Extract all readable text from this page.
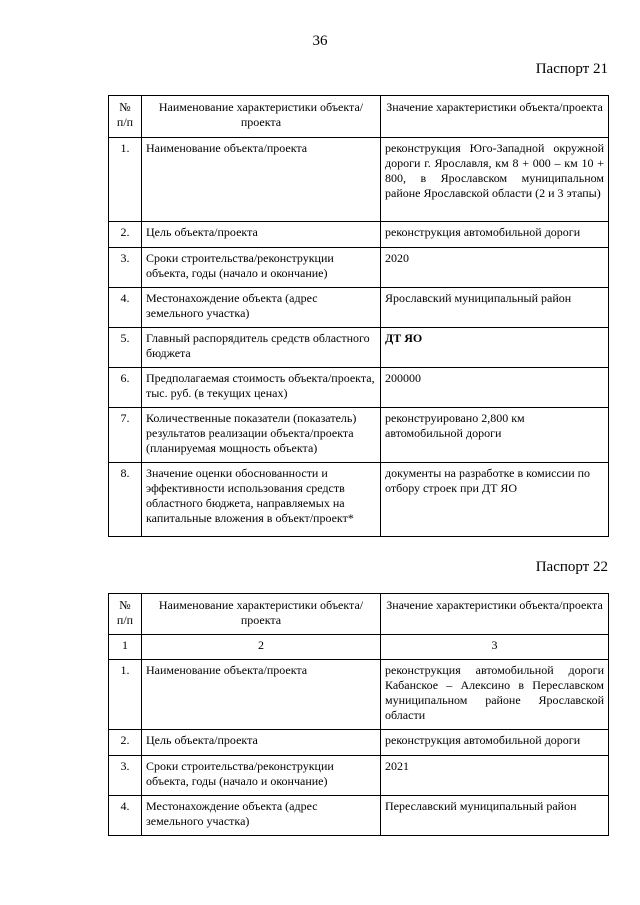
36
Паспорт 21
№ п/п	Наименование характеристики объекта/проекта	Значение характеристики объекта/проекта
1.	Наименование объекта/проекта	реконструкция Юго-Западной окружной дороги г. Ярославля, км 8 + 000 – км 10 + 800, в Ярославском муниципальном районе Ярославской области (2 и 3 этапы)
2.	Цель объекта/проекта	реконструкция автомобильной дороги
3.	Сроки строительства/реконструкции объекта, годы (начало и окончание)	2020
4.	Местонахождение объекта (адрес земельного участка)	Ярославский муниципальный район
5.	Главный распорядитель средств областного бюджета	ДТ ЯО
6.	Предполагаемая стоимость объекта/проекта, тыс. руб. (в текущих ценах)	200000
7.	Количественные показатели (показатель) результатов реализации объекта/проекта (планируемая мощность объекта)	реконструировано 2,800 км автомобильной дороги
8.	Значение оценки обоснованности и эффективности использования средств областного бюджета, направляемых на капитальные вложения в объект/проект*	документы на разработке в комиссии по отбору строек при ДТ ЯО
Паспорт 22
№ п/п	Наименование характеристики объекта/проекта	Значение характеристики объекта/проекта
1	2	3
1.	Наименование объекта/проекта	реконструкция автомобильной дороги Кабанское – Алексино в Переславском муниципальном районе Ярославской области
2.	Цель объекта/проекта	реконструкция автомобильной дороги
3.	Сроки строительства/реконструкции объекта, годы (начало и окончание)	2021
4.	Местонахождение объекта (адрес земельного участка)	Переславский муниципальный район
